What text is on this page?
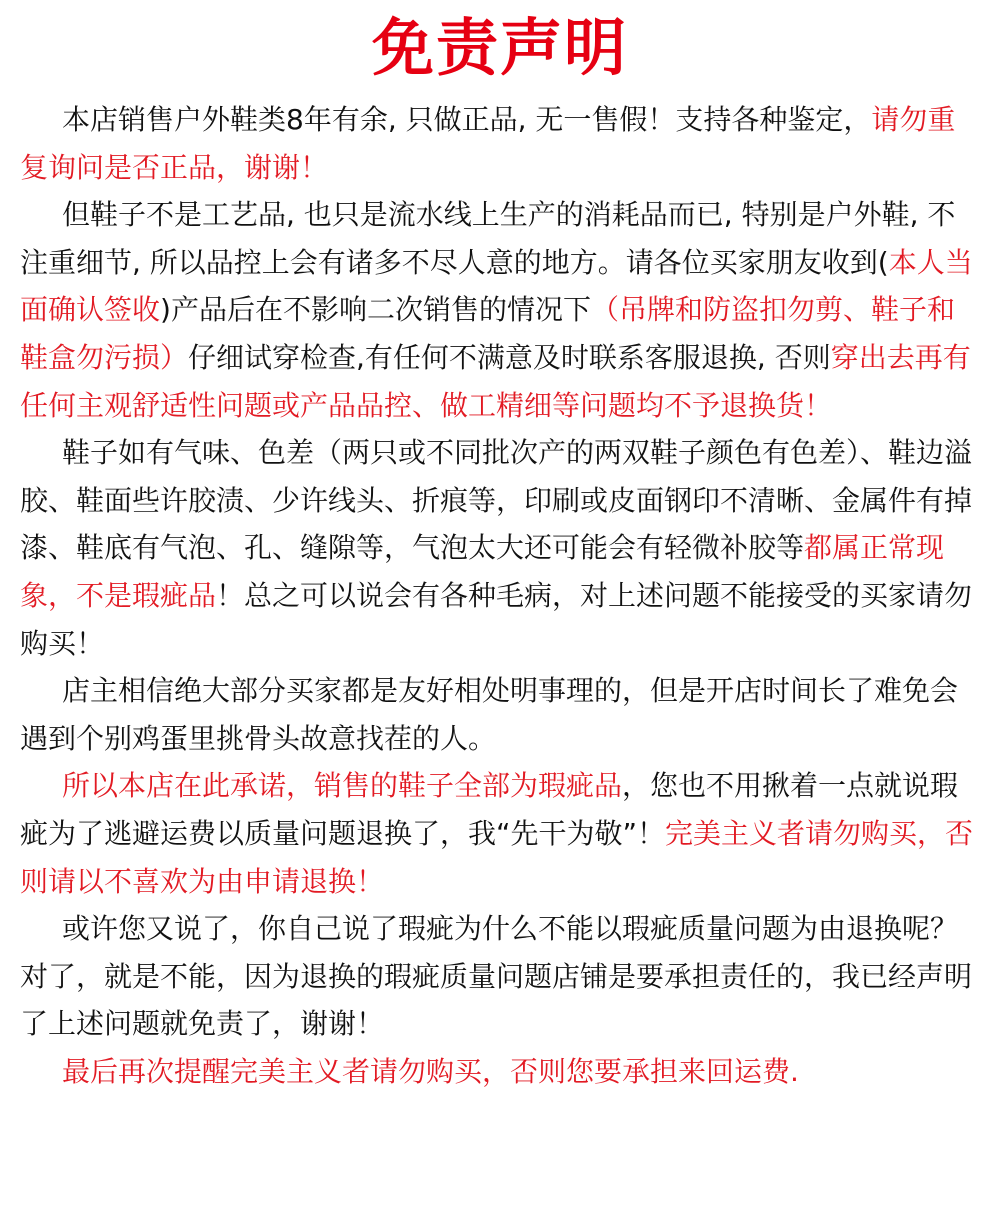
免责声明

本店销售户外鞋类8年有余, 只做正品, 无一售假！支持各种鉴定，请勿重复询问是否正品，谢谢！

但鞋子不是工艺品, 也只是流水线上生产的消耗品而已, 特别是户外鞋, 不注重细节, 所以品控上会有诸多不尽人意的地方。请各位买家朋友收到(本人当面确认签收)产品后在不影响二次销售的情况下（吊牌和防盗扣勿剪、鞋子和鞋盒勿污损）仔细试穿检查,有任何不满意及时联系客服退换, 否则穿出去再有任何主观舒适性问题或产品品控、做工精细等问题均不予退换货！

鞋子如有气味、色差（两只或不同批次产的两双鞋子颜色有色差）、鞋边溢胶、鞋面些许胶渍、少许线头、折痕等，印刷或皮面钢印不清晰、金属件有掉漆、鞋底有气泡、孔、缝隙等，气泡太大还可能会有轻微补胶等都属正常现象，不是瑕疵品！总之可以说会有各种毛病，对上述问题不能接受的买家请勿购买！

店主相信绝大部分买家都是友好相处明事理的，但是开店时间长了难免会遇到个别鸡蛋里挑骨头故意找茬的人。

所以本店在此承诺，销售的鞋子全部为瑕疵品，您也不用揪着一点就说瑕疵为了逃避运费以质量问题退换了，我“先干为敬”！完美主义者请勿购买，否则请以不喜欢为由申请退换！

或许您又说了，你自己说了瑕疵为什么不能以瑕疵质量问题为由退换呢？对了，就是不能，因为退换的瑕疵质量问题店铺是要承担责任的，我已经声明了上述问题就免责了，谢谢！

最后再次提醒完美主义者请勿购买，否则您要承担来回运费.
